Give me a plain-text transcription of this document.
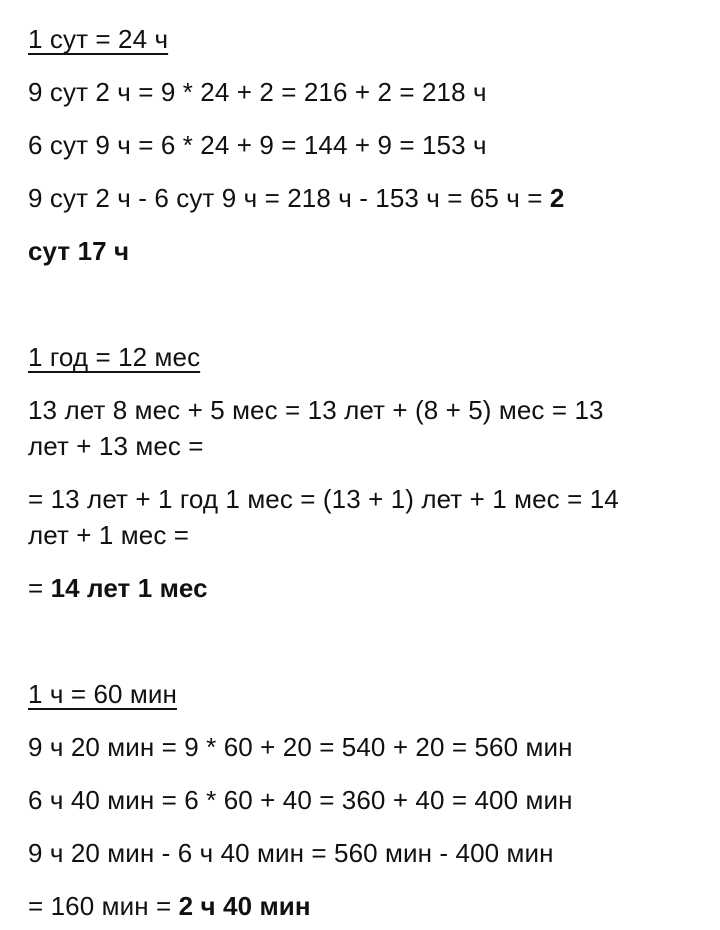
1 сут = 24 ч
9 сут 2 ч = 9 * 24 + 2 = 216 + 2 = 218 ч
6 сут 9 ч = 6 * 24 + 9 = 144 + 9 = 153 ч
9 сут 2 ч - 6 сут 9 ч = 218 ч - 153 ч = 65 ч = 2
сут 17 ч
1 год = 12 мес
13 лет 8 мес + 5 мес = 13 лет + (8 + 5) мес = 13
лет + 13 мес =
= 13 лет + 1 год 1 мес = (13 + 1) лет + 1 мес = 14
лет + 1 мес =
= 14 лет 1 мес
1 ч = 60 мин
9 ч 20 мин = 9 * 60 + 20 = 540 + 20 = 560 мин
6 ч 40 мин = 6 * 60 + 40 = 360 + 40 = 400 мин
9 ч 20 мин - 6 ч 40 мин = 560 мин - 400 мин
= 160 мин = 2 ч 40 мин
